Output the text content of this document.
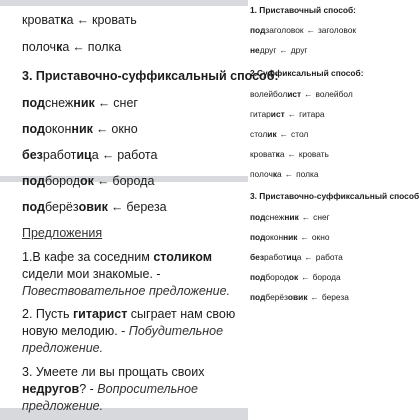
кроватка ← кровать
полочка ← полка
3. Приставочно-суффиксальный способ:
подснежник ← снег
подоконник ← окно
безработица ← работа
подбородок ← борода
подберёзовик ← береза
Предложения
1.В кафе за соседним столиком сидели мои знакомые. - Повествовательное предложение.
2. Пусть гитарист сыграет нам свою новую мелодию. - Побудительное предложение.
3. Умеете ли вы прощать своих недругов? - Вопросительное предложение.
1. Приставочный способ:
подзаголовок ← заголовок
недруг ← друг
2.Суффиксальный способ:
волейболист ← волейбол
гитарист ← гитара
столик ← стол
кроватка ← кровать
полочка ← полка
3. Приставочно-суффиксальный способ
подснежник ← снег
подоконник ← окно
безработица ← работа
подбородок ← борода
подберёзовик ← береза
